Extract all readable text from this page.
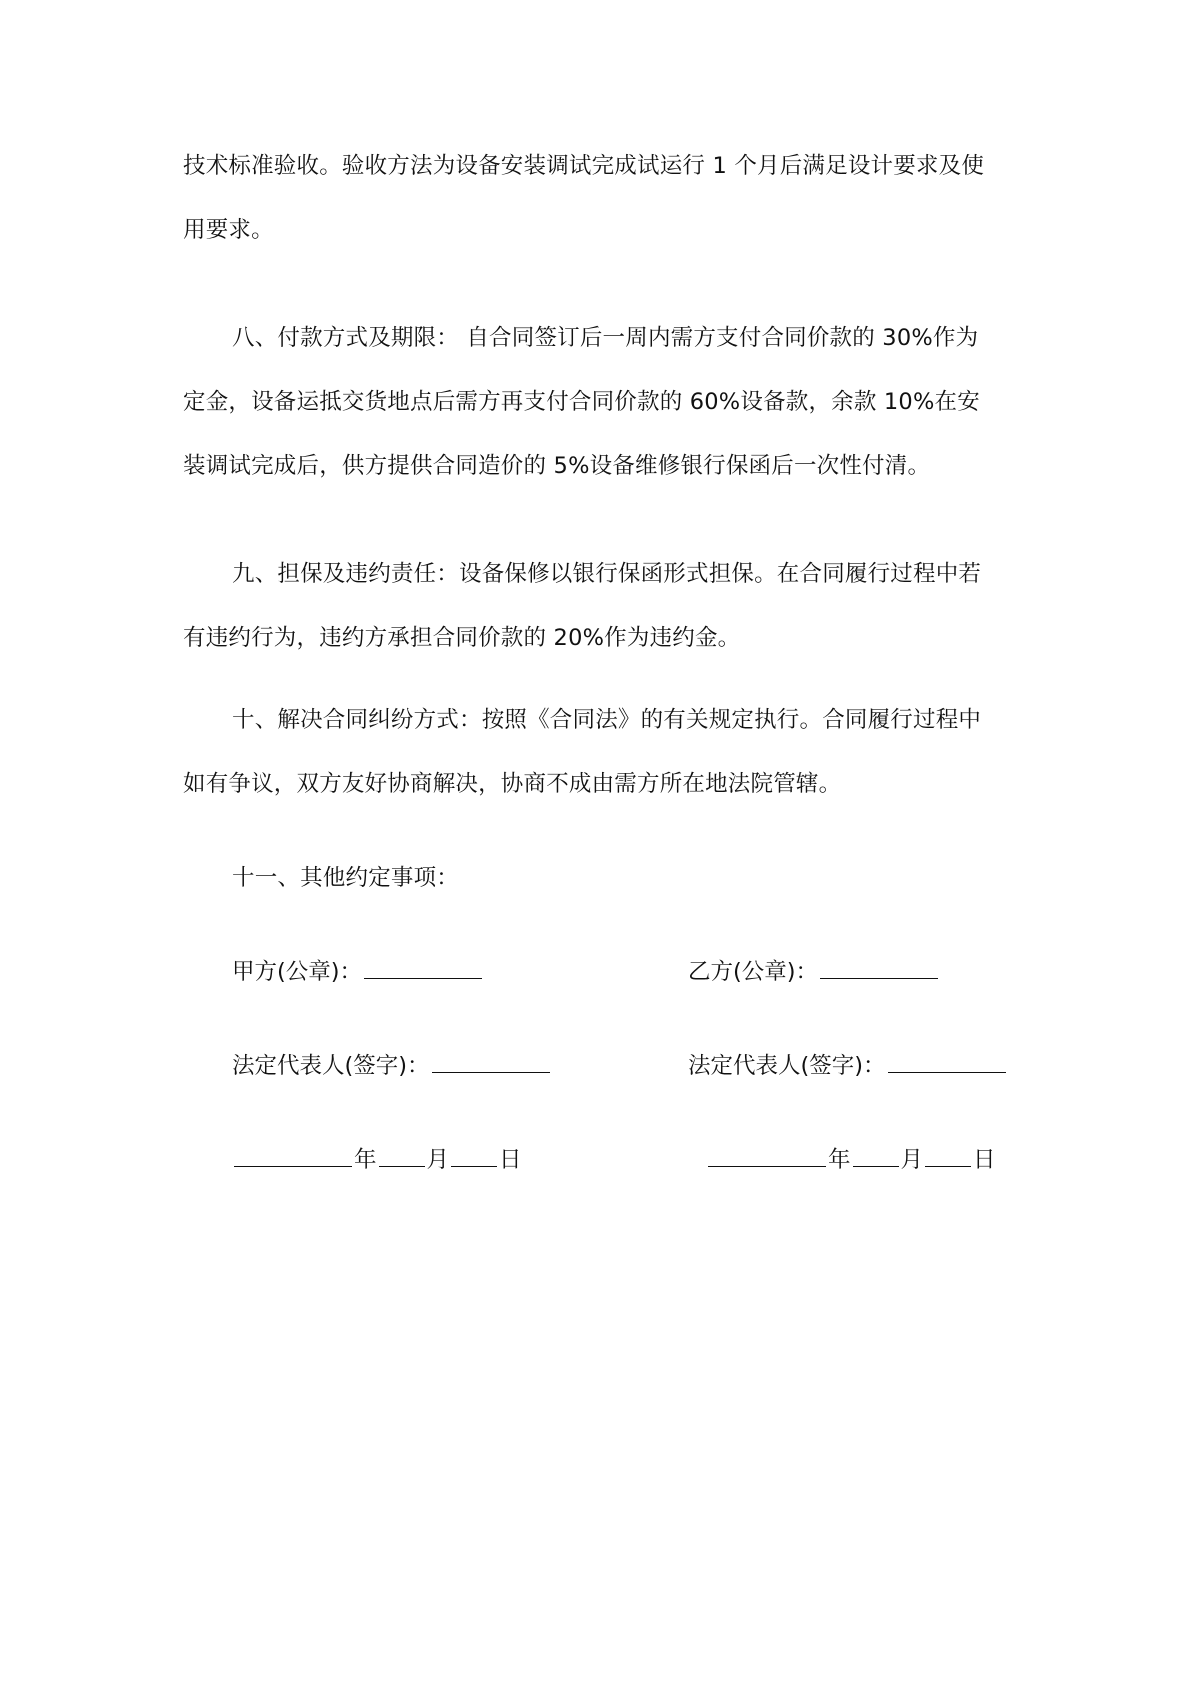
技术标准验收。验收方法为设备安装调试完成试运行 1 个月后满足设计要求及使
用要求。
八、付款方式及期限： 自合同签订后一周内需方支付合同价款的 30%作为
定金，设备运抵交货地点后需方再支付合同价款的 60%设备款，余款 10%在安
装调试完成后，供方提供合同造价的 5%设备维修银行保函后一次性付清。
九、担保及违约责任：设备保修以银行保函形式担保。在合同履行过程中若
有违约行为，违约方承担合同价款的 20%作为违约金。
十、解决合同纠纷方式：按照《合同法》的有关规定执行。合同履行过程中
如有争议，双方友好协商解决，协商不成由需方所在地法院管辖。
十一、其他约定事项：
甲方(公章)：	乙方(公章)：
法定代表人(签字)：	法定代表人(签字)：
年 月 日	年 月 日
